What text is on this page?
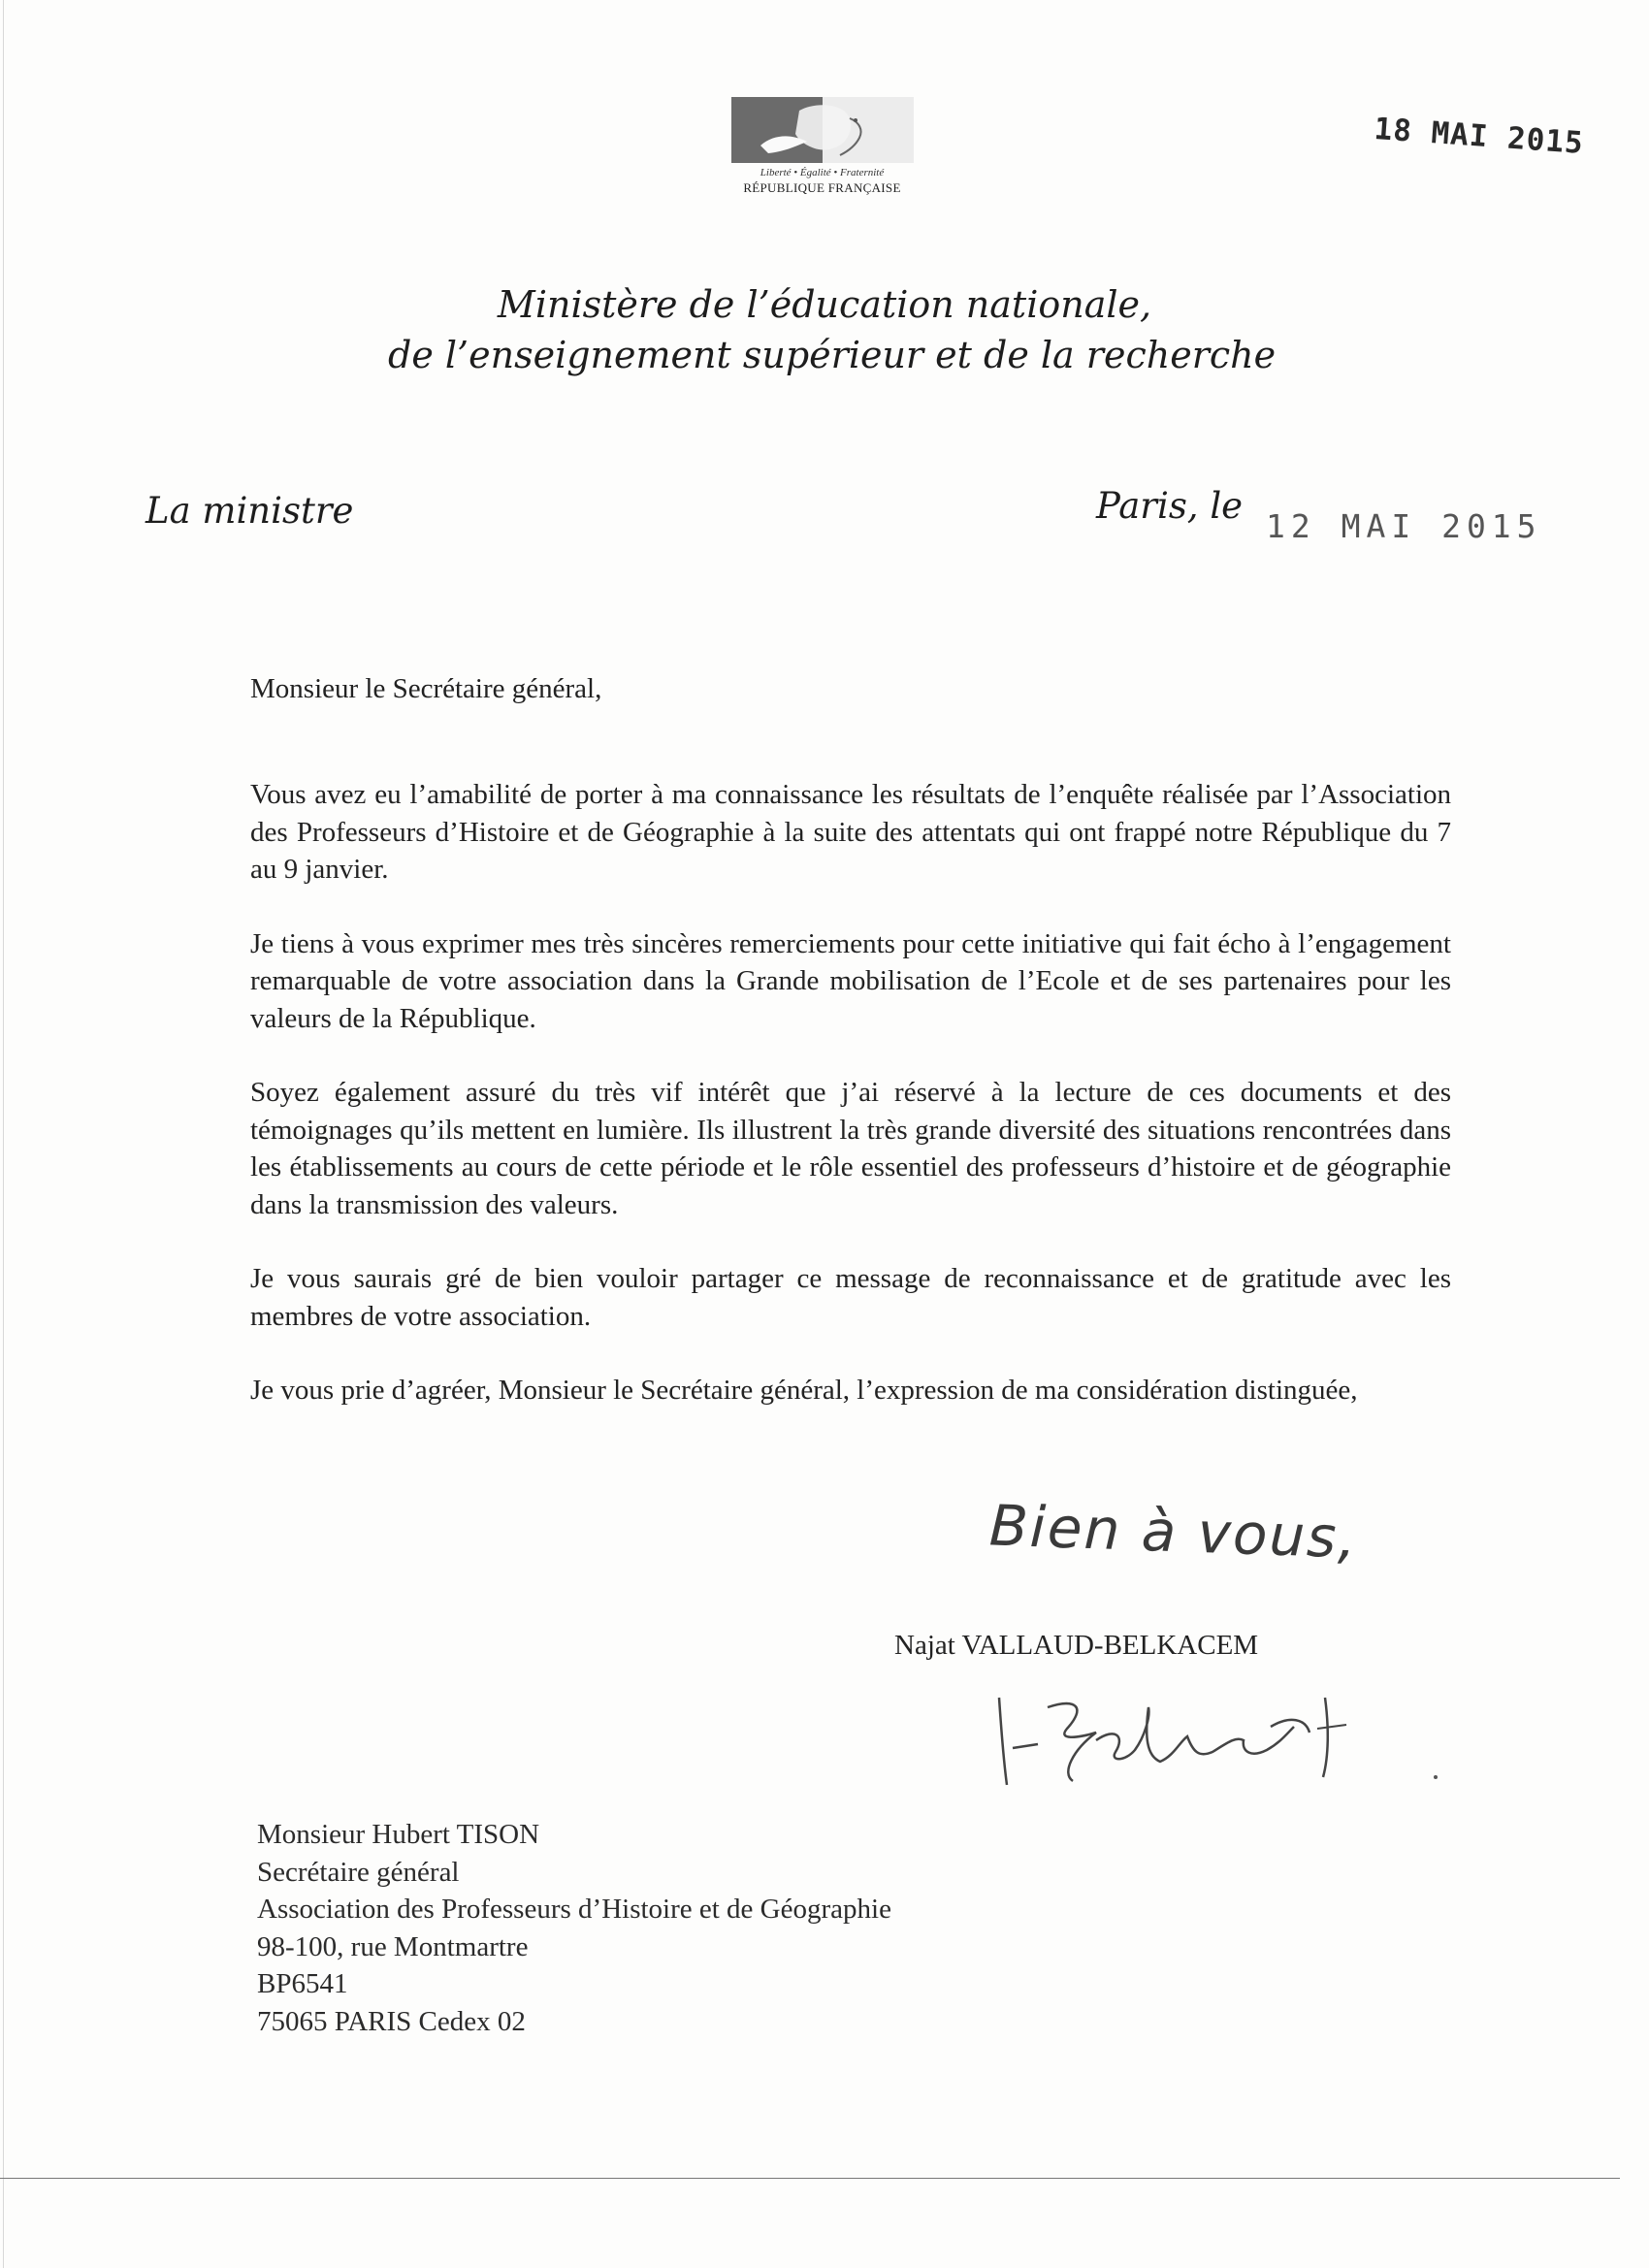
Liberté • Égalité • Fraternité
RÉPUBLIQUE FRANÇAISE
18 MAI 2015
Ministère de l’éducation nationale,
de l’enseignement supérieur et de la recherche
La ministre	Paris, le 12 MAI 2015
Monsieur le Secrétaire général,

Vous avez eu l’amabilité de porter à ma connaissance les résultats de l’enquête réalisée par l’Association des Professeurs d’Histoire et de Géographie à la suite des attentats qui ont frappé notre République du 7 au 9 janvier.

Je tiens à vous exprimer mes très sincères remerciements pour cette initiative qui fait écho à l’engagement remarquable de votre association dans la Grande mobilisation de l’Ecole et de ses partenaires pour les valeurs de la République.

Soyez également assuré du très vif intérêt que j’ai réservé à la lecture de ces documents et des témoignages qu’ils mettent en lumière. Ils illustrent la très grande diversité des situations rencontrées dans les établissements au cours de cette période et le rôle essentiel des professeurs d’histoire et de géographie dans la transmission des valeurs.

Je vous saurais gré de bien vouloir partager ce message de reconnaissance et de gratitude avec les membres de votre association.

Je vous prie d’agréer, Monsieur le Secrétaire général, l’expression de ma considération distinguée,

Bien à vous,
Najat VALLAUD-BELKACEM
Monsieur Hubert TISON
Secrétaire général
Association des Professeurs d’Histoire et de Géographie
98-100, rue Montmartre
BP6541
75065 PARIS Cedex 02
